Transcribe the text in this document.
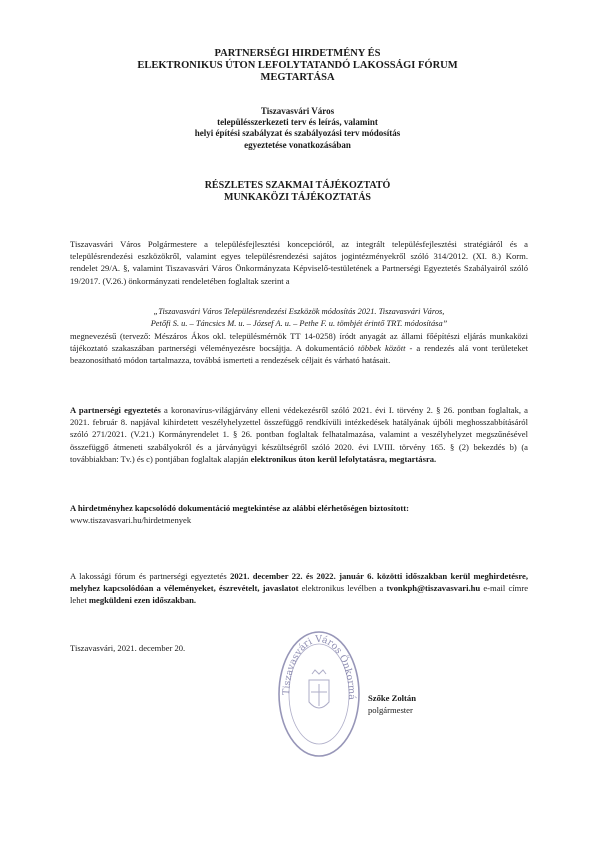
PARTNERSÉGI HIRDETMÉNY ÉS
ELEKTRONIKUS ÚTON LEFOLYTATANDÓ LAKOSSÁGI FÓRUM
MEGTARTÁSA
Tiszavasvári Város
településszerkezeti terv és leírás, valamint
helyi építési szabályzat és szabályozási terv módosítás
egyeztetése vonatkozásában
RÉSZLETES SZAKMAI TÁJÉKOZTATÓ
MUNKAKÖZI TÁJÉKOZTATÁS
Tiszavasvári Város Polgármestere a településfejlesztési koncepcióról, az integrált településfejlesztési stratégiáról és a településrendezési eszközökről, valamint egyes településrendezési sajátos jogintézményekről szóló 314/2012. (XI. 8.) Korm. rendelet 29/A. §, valamint Tiszavasvári Város Önkormányzata Képviselő-testületének a Partnerségi Egyeztetés Szabályairól szóló 19/2017. (V.26.) önkormányzati rendeletében foglaltak szerint a
„Tiszavasvári Város Településrendezési Eszközök módosítás 2021. Tiszavasvári Város,
Petőfi S. u. – Táncsics M. u. – József A. u. – Pethe F. u. tömbjét érintő TRT. módosítása”
megnevezésű (tervező: Mészáros Ákos okl. településmérnök TT 14-0258) íródt anyagát az állami főépítészi eljárás munkaközi tájékoztató szakaszában partnerségi véleményezésre bocsájtja. A dokumentáció többek között - a rendezés alá vont területeket beazonosítható módon tartalmazza, továbbá ismerteti a rendezések céljait és várható hatásait.
A partnerségi egyeztetés a koronavírus-világjárvány elleni védekezésről szóló 2021. évi I. törvény 2. § 26. pontban foglaltak, a 2021. február 8. napjával kihirdetett veszélyhelyzettel összefüggő rendkívüli intézkedések hatályának újbóli meghosszabbításáról szóló 271/2021. (V.21.) Kormányrendelet 1. § 26. pontban foglaltak felhatalmazása, valamint a veszélyhelyzet megszűnésével összefüggő átmeneti szabályokról és a járványügyi készültségről szóló 2020. évi LVIII. törvény 165. § (2) bekezdés b) (a továbbiakban: Tv.) és c) pontjában foglaltak alapján elektronikus úton kerül lefolytatásra, megtartásra.
A hirdetményhez kapcsolódó dokumentáció megtekintése az alábbi elérhetőségen biztosított:
www.tiszavasvari.hu/hirdetmenyek
A lakossági fórum és partnerségi egyeztetés 2021. december 22. és 2022. január 6. közötti időszakban kerül meghirdetésre, melyhez kapcsolódóan a véleményeket, észrevételt, javaslatot elektronikus levélben a tvonkph@tiszavasvari.hu e-mail címre lehet megküldeni ezen időszakban.
Tiszavasvári, 2021. december 20.
Tiszavasvári Város Önkormá Szőke Zoltán
polgármester
